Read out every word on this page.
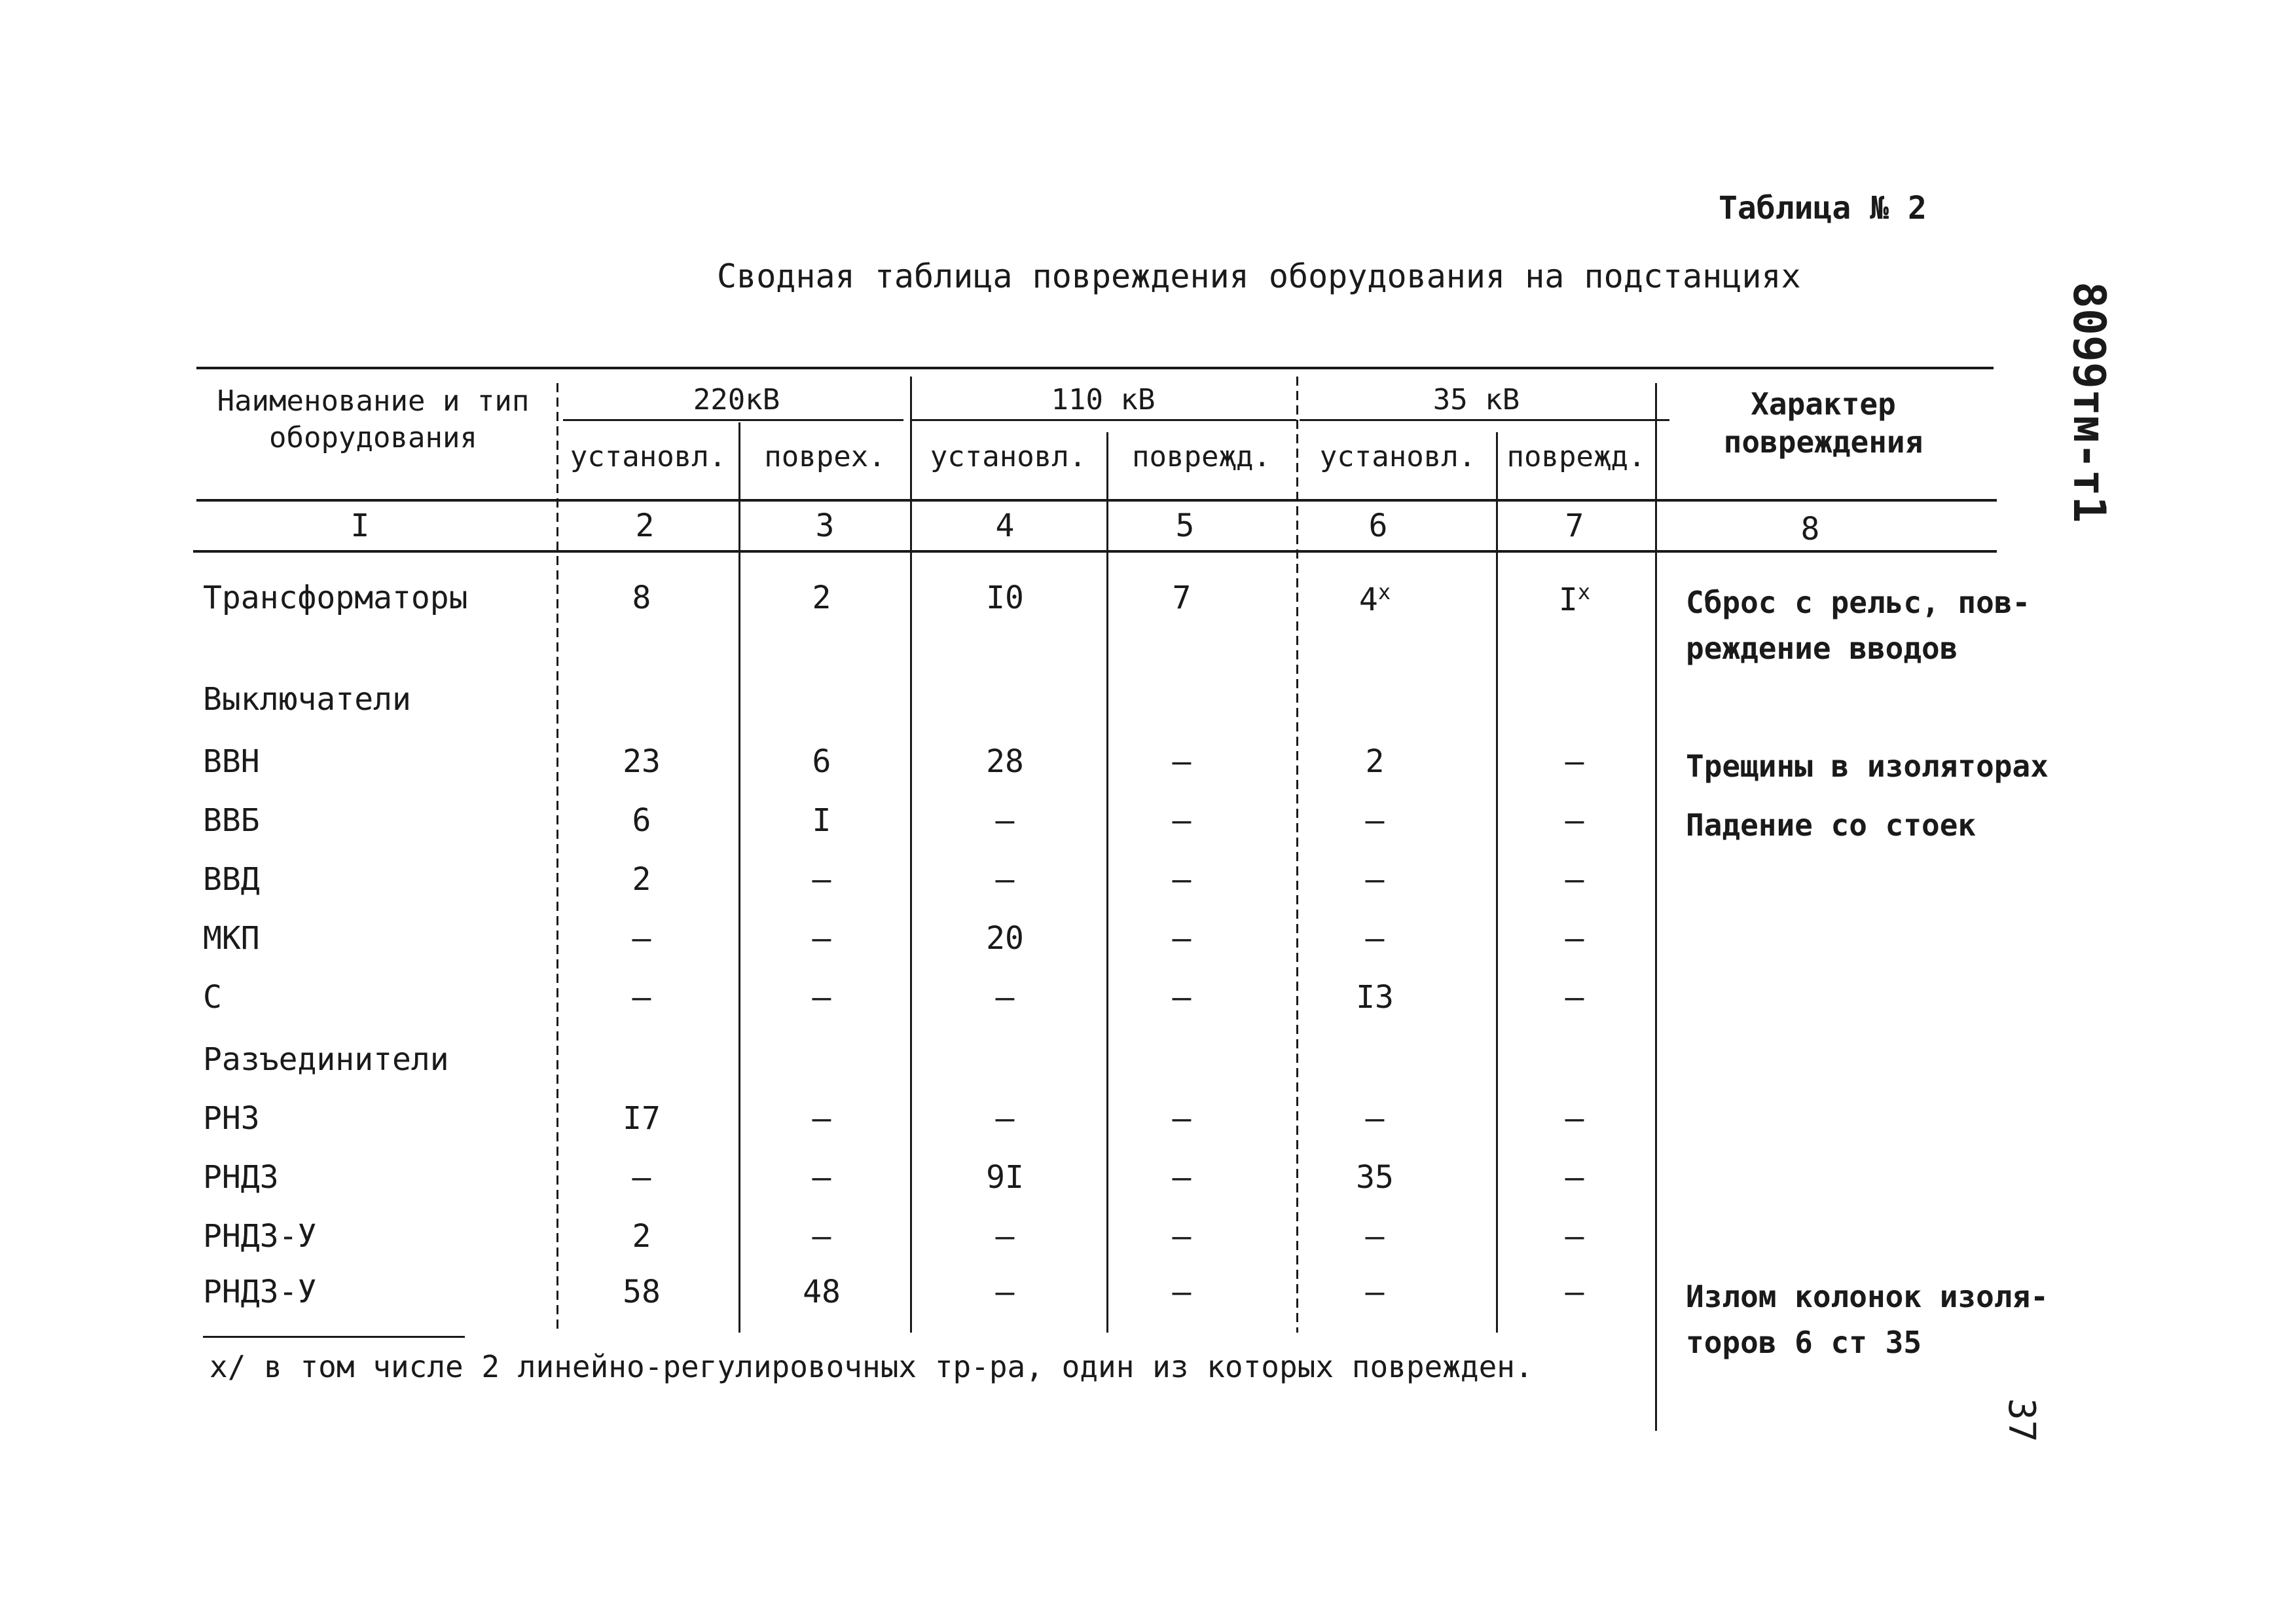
Таблица № 2
Сводная таблица повреждения оборудования на подстанциях
8099тм-т1
37
Наименование и тип оборудования
220кВ	110 кВ	35 кВ	Характер повреждения
установл.	поврех.	установл.	повреҗд.	установл.	повреҗд.
I	2	3	4	5	6	7	8
Трансформаторы	8	2	I0	7	4$^x$	$I^x$	Сброс с рельс, пов-
реждение вводов
Выключатели
ВВН	23	6	28	–	2	–	Трещины в изоляторах
ВВБ	6	I	–	–	–	–	Падение со стоек
ВВД	2	–	–	–	–	–
МКП	–	–	20	–	–	–
С	–	–	–	–	I3	–
Разъединители
РНЗ	I7	–	–	–	–	–
РНДЗ	–	–	9I	–	35	–
РНДЗ-У	2	–	–	–	–	–
РНДЗ-У	58	48	–	–	–	–	Излом колонок изоля-
торов 6 ст 35
х/ в том числе 2 линейно-регулировочных тр-ра, один из которых поврежден.
